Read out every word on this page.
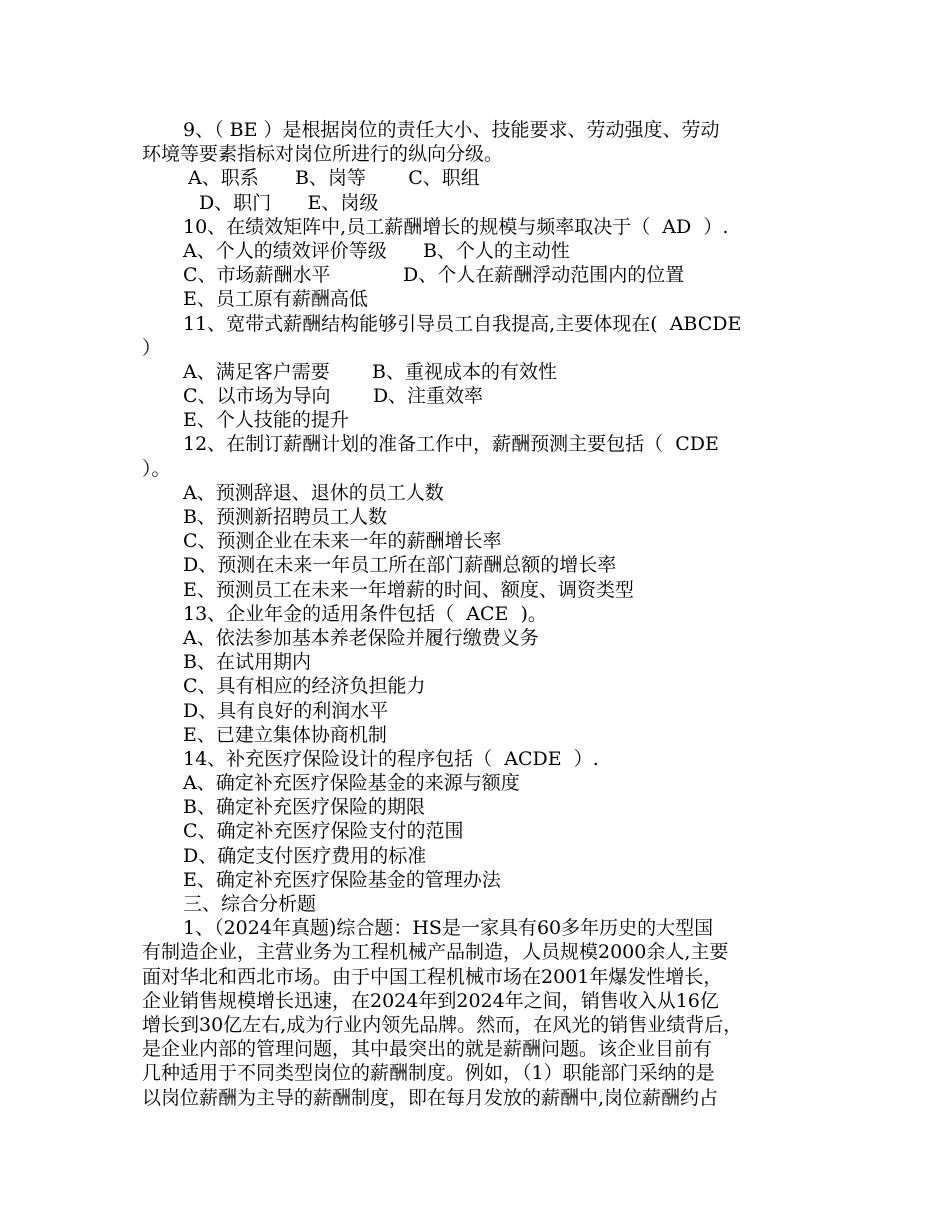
9、（ BE ）是根据岗位的责任大小、技能要求、劳动强度、劳动
环境等要素指标对岗位所进行的纵向分级。
A、职系      B、岗等       C、职组
D、职门      E、岗级
10、在绩效矩阵中,员工薪酬增长的规模与频率取决于（  AD  ）.
A、个人的绩效评价等级      B、个人的主动性
C、市场薪酬水平            D、个人在薪酬浮动范围内的位置
E、员工原有薪酬高低
11、宽带式薪酬结构能够引导员工自我提高,主要体现在(  ABCDE
）
A、满足客户需要       B、重视成本的有效性
C、以市场为导向       D、注重效率
E、个人技能的提升
12、在制订薪酬计划的准备工作中，薪酬预测主要包括（  CDE
）。
A、预测辞退、退休的员工人数
B、预测新招聘员工人数
C、预测企业在未来一年的薪酬增长率
D、预测在未来一年员工所在部门薪酬总额的增长率
E、预测员工在未来一年增薪的时间、额度、调资类型
13、企业年金的适用条件包括（  ACE  )。
A、依法参加基本养老保险并履行缴费义务
B、在试用期内
C、具有相应的经济负担能力
D、具有良好的利润水平
E、已建立集体协商机制
14、补充医疗保险设计的程序包括（  ACDE  ）.
A、确定补充医疗保险基金的来源与额度
B、确定补充医疗保险的期限
C、确定补充医疗保险支付的范围
D、确定支付医疗费用的标准
E、确定补充医疗保险基金的管理办法
三、综合分析题
1、（2024年真题)综合题：HS是一家具有60多年历史的大型国
有制造企业，主营业务为工程机械产品制造，人员规模2000余人,主要
面对华北和西北市场。由于中国工程机械市场在2001年爆发性增长，
企业销售规模增长迅速，在2024年到2024年之间，销售收入从16亿
增长到30亿左右,成为行业内领先品牌。然而，在风光的销售业绩背后，
是企业内部的管理问题，其中最突出的就是薪酬问题。该企业目前有
几种适用于不同类型岗位的薪酬制度。例如，（1）职能部门采纳的是
以岗位薪酬为主导的薪酬制度，即在每月发放的薪酬中,岗位薪酬约占
